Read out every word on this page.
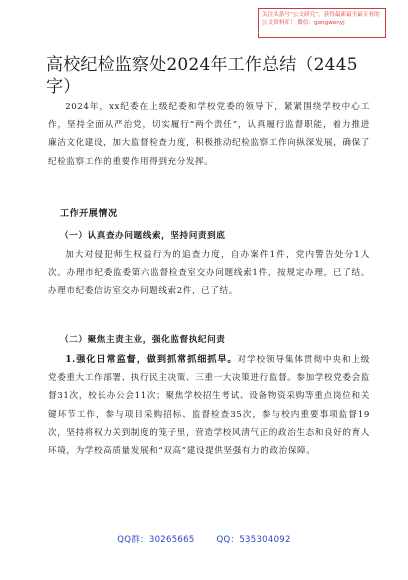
关注头条号“公文研究”，获得最新最全最专业的公文资料库！ 微信：gongwenyj
高校纪检监察处2024年工作总结（2445字）

2024年，xx纪委在上级纪委和学校党委的领导下，紧紧围绕学校中心工作，坚持全面从严治党，切实履行“两个责任”，认真履行监督职能，着力推进廉洁文化建设，加大监督检查力度，积极推动纪检监察工作向纵深发展，确保了纪检监察工作的重要作用得到充分发挥。

工作开展情况
（一）认真查办问题线索，坚持问责到底

加大对侵犯师生权益行为的追查力度，自办案件1件，党内警告处分1人次。办理市纪委监委第六监督检查室交办问题线索1件，按规定办理，已了结。办理市纪委信访室交办问题线索2件，已了结。

（二）聚焦主责主业，强化监督执纪问责

1.强化日常监督，做到抓常抓细抓早。对学校领导集体贯彻中央和上级党委重大工作部署、执行民主决策、三重一大决策进行监督。参加学校党委会监督31次，校长办公会11次；聚焦学校招生考试、设备物资采购等重点岗位和关键环节工作，参与项目采购招标、监督检查35次，参与校内重要事项监督19次，坚持将权力关到制度的笼子里，营造学校风清气正的政治生态和良好的育人环境，为学校高质量发展和“双高”建设提供坚强有力的政治保障。

QQ群：30265665	QQ：535304092
